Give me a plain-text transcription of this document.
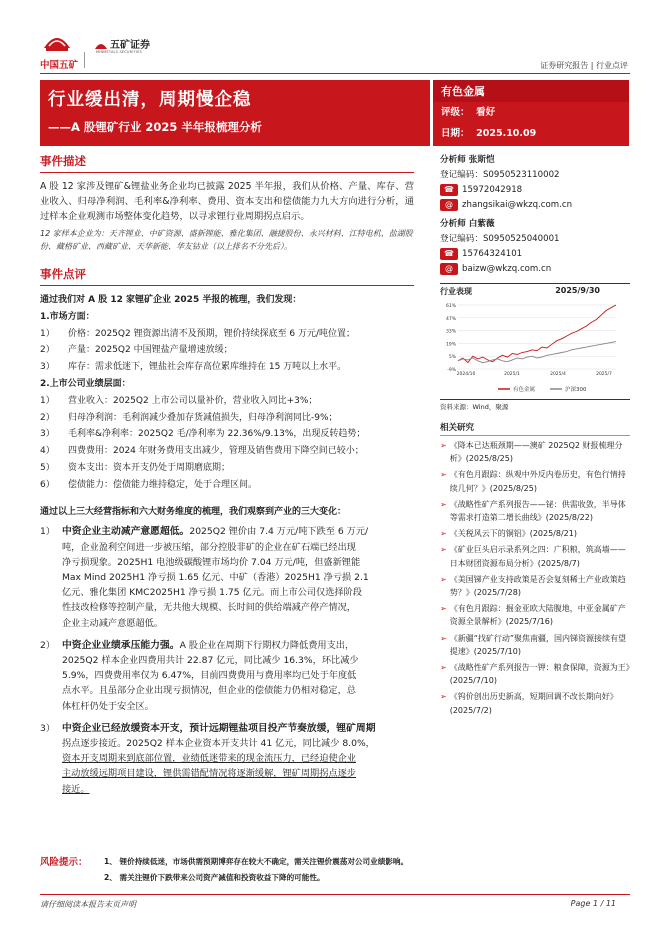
中国五矿
五矿证券
MINMETALS SECURITIES
证券研究报告 | 行业点评
行业缓出清，周期慢企稳
——A 股锂矿行业 2025 半年报梳理分析
有色金属
评级： 看好
日期： 2025.10.09
事件描述
A 股 12 家涉及锂矿&锂盐业务企业均已披露 2025 半年报，我们从价格、产量、库存、营业收入、归母净利润、毛利率&净利率、费用、资本支出和偿债能力九大方向进行分析，通过样本企业观测市场整体变化趋势，以寻求锂行业周期拐点启示。
12 家样本企业为：天齐锂业、中矿资源、盛新锂能、雅化集团、融捷股份、永兴材料、江特电机、盐湖股份、藏格矿业、西藏矿业、天华新能、华友钴业（以上排名不分先后）。
事件点评
通过我们对 A 股 12 家锂矿企业 2025 半报的梳理，我们发现：
1.市场方面：
1） 价格：2025Q2 锂资源出清不及预期，锂价持续探底至 6 万元/吨位置；
2） 产量：2025Q2 中国锂盐产量增速放缓；
3） 库存：需求低迷下，锂盐社会库存高位累库维持在 15 万吨以上水平。
2.上市公司业绩层面：
1） 营业收入：2025Q2 上市公司以量补价，营业收入同比+3%；
2） 归母净利润：毛利润减少叠加存货减值损失，归母净利润同比-9%；
3） 毛利率&净利率：2025Q2 毛/净利率为 22.36%/9.13%，出现反转趋势；
4） 四费费用：2024 年财务费用支出减少，管理及销售费用下降空间已较小；
5） 资本支出：资本开支仍处于周期磨底期；
6） 偿债能力：偿债能力维持稳定，处于合理区间。
通过以上三大经营指标和六大财务维度的梳理，我们观察到产业的三大变化：
1） 中资企业主动减产意愿超低。2025Q2 锂价由 7.4 万元/吨下跌至 6 万元/
吨，企业盈利空间进一步被压缩，部分控股非矿的企业在矿石端已经出现
净亏损现象。2025H1 电池级碳酸锂市场均价 7.04 万元/吨，但盛新锂能
Max Mind 2025H1 净亏损 1.65 亿元、中矿（香港）2025H1 净亏损 2.1
亿元、雅化集团 KMC2025H1 净亏损 1.75 亿元。而上市公司仅选择阶段
性技改检修等控制产量，无共他大规模、长时间的供给端减产停产情况，
企业主动减产意愿超低。
2） 中资企业业绩承压能力强。A 股企业在周期下行期权力降低费用支出，
2025Q2 样本企业四费用共计 22.87 亿元，同比减少 16.3%，环比减少
5.9%，四费费用率仅为 6.47%，目前四费费用与费用率均已处于年度低
点水平。且虽部分企业出现亏损情况，但企业的偿债能力仍相对稳定，总
体杠杆仍处于安全区。
3） 中资企业已经放缓资本开支，预计远期锂盐项目投产节奏放缓，锂矿周期
拐点逐步接近。2025Q2 样本企业资本开支共计 41 亿元，同比减少 8.0%，
资本开支周期来到底部位置，业绩低迷带来的现金流压力，已经迫使企业
主动放缓远期项目建设，锂供需错配情况将逐渐缓解，锂矿周期拐点逐步
接近。
风险提示：	1、 锂价持续低迷，市场供需预期博弈存在较大不确定，需关注锂价震荡对公司业绩影响。
2、 需关注锂价下跌带来公司资产减值和投资收益下降的可能性。
分析师 张斯恺
登记编码：S0950523110002
☎ 15972042918
@ zhangsikai@wkzq.com.cn
分析师 白紫薇
登记编码：S0950525040001
☎ 15764324101
@ baizw@wkzq.com.cn
行业表现	2025/9/30
61%
47%
33%
19%
5%
-9%
2024/10	2025/1	2025/4	2025/7
有色金属	沪深300
资料来源：Wind，聚源
相关研究
➢ 《降本已达瓶颈期——澳矿 2025Q2 财报梳理分析》(2025/8/25)
➢ 《有色月跟踪：纵观中外反内卷历史，有色行情持续几何？》(2025/8/25)
➢ 《战略性矿产系列报告——铋：供需收敛，半导体等需求打造第二增长曲线》(2025/8/22)
➢ 《关税风云下的铜铝》(2025/8/21)
➢ 《矿业巨头启示录系列之四：广积粮，筑高墙——日本财团资源布局分析》(2025/8/7)
➢ 《美国锑产业支持政策是否会复刻稀土产业政策趋势？》(2025/7/28)
➢ 《有色月跟踪：掘金亚欧大陆腹地，中亚金属矿产资源全景解析》(2025/7/16)
➢ 《新疆“找矿行动”聚焦南疆，国内锑资源接续有望提速》(2025/7/10)
➢ 《战略性矿产系列报告一钾：粮食保障，资源为王》(2025/7/10)
➢ 《钨价创出历史新高，短期回调不改长期向好》(2025/7/2)
请仔细阅读本报告末页声明	Page 1 / 11
